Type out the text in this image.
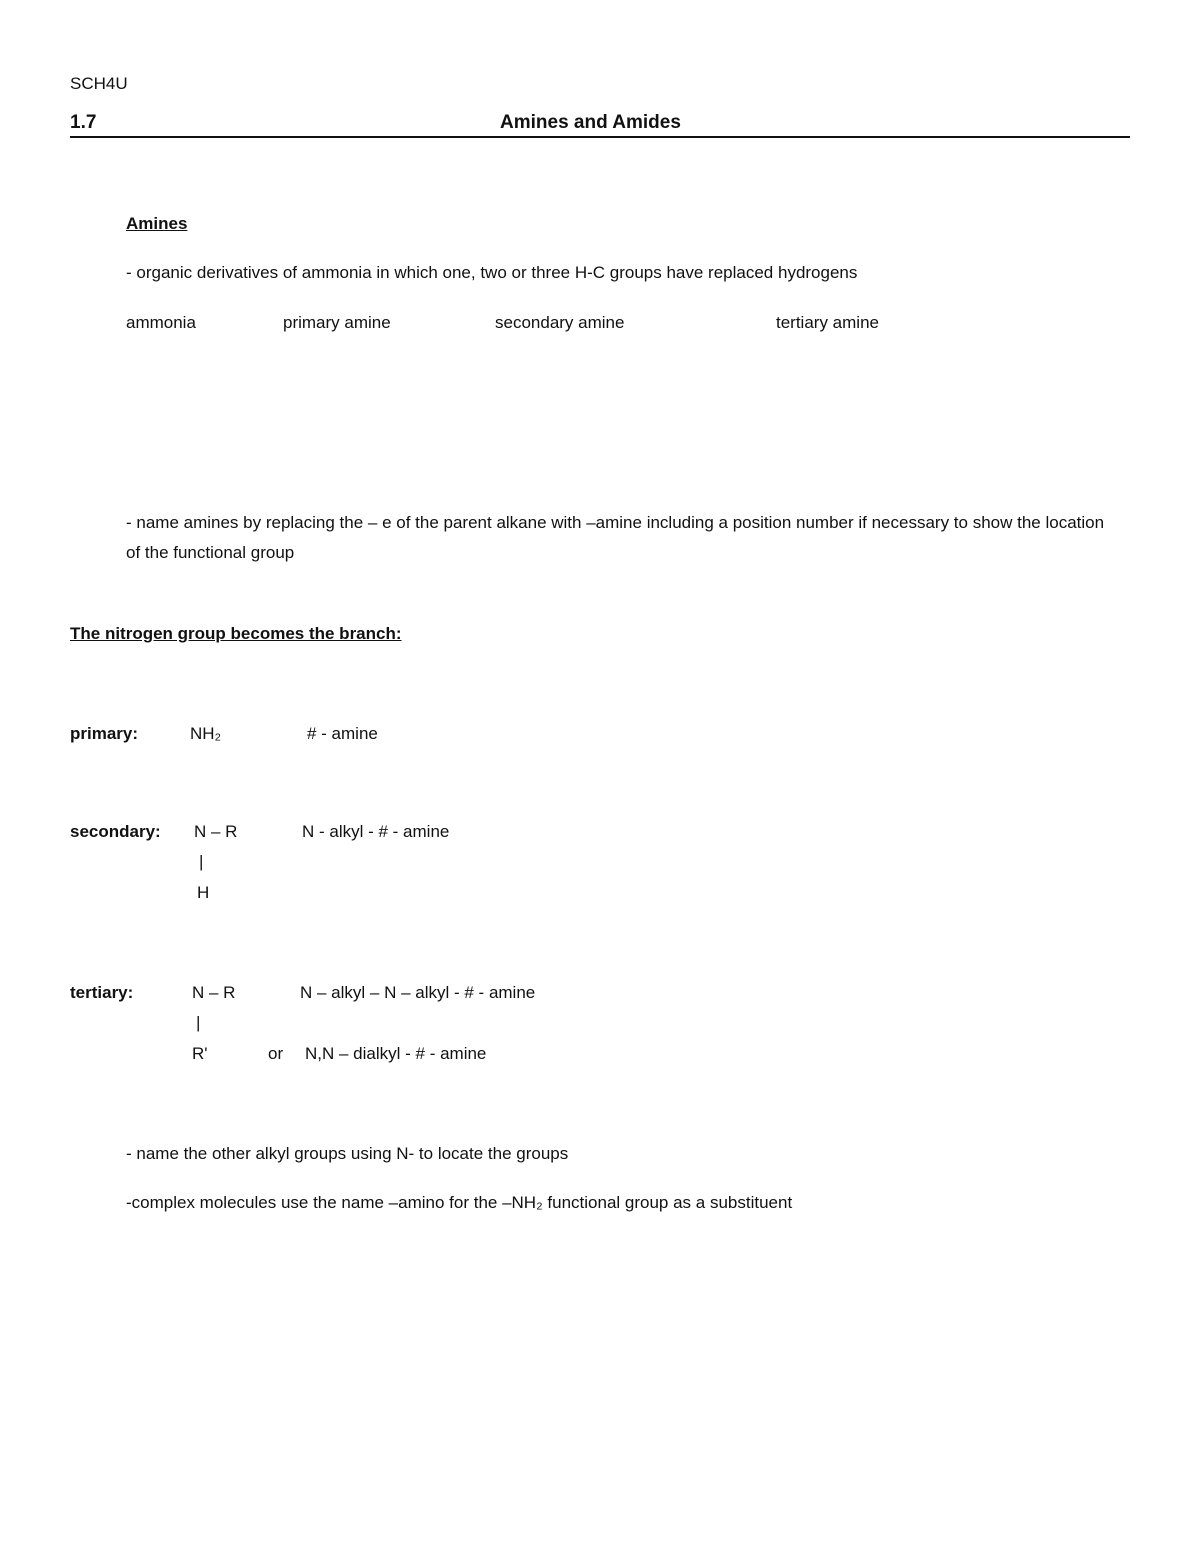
SCH4U
1.7	Amines and Amides
Amines
- organic derivatives of ammonia in which one, two or three H-C groups have replaced hydrogens
ammonia	primary amine	secondary amine	tertiary amine
- name amines by replacing the – e of the parent alkane with –amine including a position number if necessary to show the location of the functional group
The nitrogen group becomes the branch:
primary:	NH₂	# - amine
secondary: N – R
|
H
N - alkyl - # - amine
tertiary:	N – R
|
R'
N – alkyl – N – alkyl - # - amine
or N,N – dialkyl - # - amine
- name the other alkyl groups using N- to locate the groups
-complex molecules use the name –amino for the –NH₂ functional group as a substituent
